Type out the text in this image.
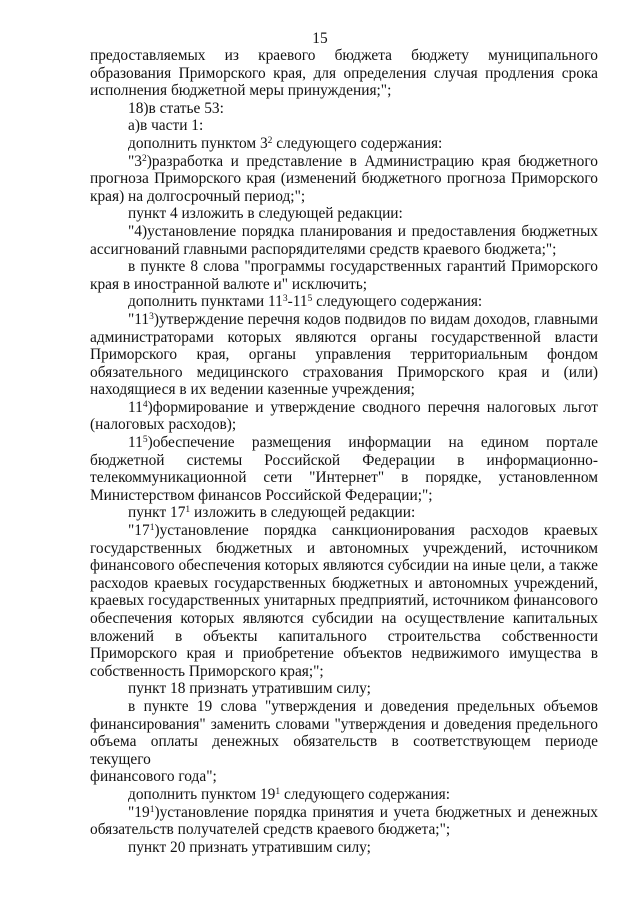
15

предоставляемых из краевого бюджета бюджету муниципального

образования Приморского края, для определения случая продления срока

исполнения бюджетной меры принуждения;";

18)в статье 53:

а)в части 1:

дополнить пунктом $3^2$ следующего содержания:

"$3^2)разработка$ и представление в Администрацию края бюджетного

прогноза Приморского края (изменений бюджетного прогноза Приморского

края) на долгосрочный период;";

пункт 4 изложить в следующей редакции:

"4)установление порядка планирования и предоставления бюджетных

ассигнований главными распорядителями средств краевого бюджета;";

в пункте 8 слова "программы государственных гарантий Приморского

края в иностранной валюте и" исключить;

дополнить пунктами $11^3-11^5$ следующего содержания:

"$11^3)утверждение$ перечня кодов подвидов по видам доходов, главными

администраторами которых являются органы государственной власти

Приморского края, органы управления территориальным фондом

обязательного медицинского страхования Приморского края и (или)

находящиеся в их ведении казенные учреждения;

$11^4)формирование$ и утверждение сводного перечня налоговых льгот

(налоговых расходов);

$11^5)обеспечение$ размещения информации на едином портале

бюджетной системы Российской Федерации в информационно-

телекоммуникационной сети "Интернет" в порядке, установленном

Министерством финансов Российской Федерации;";

пункт $17^1$ изложить в следующей редакции:

"$17^1)установление$ порядка санкционирования расходов краевых

государственных бюджетных и автономных учреждений, источником

финансового обеспечения которых являются субсидии на иные цели, а также

расходов краевых государственных бюджетных и автономных учреждений,

краевых государственных унитарных предприятий, источником финансового

обеспечения которых являются субсидии на осуществление капитальных

вложений в объекты капитального строительства собственности

Приморского края и приобретение объектов недвижимого имущества в

собственность Приморского края;";

пункт 18 признать утратившим силу;

в пункте 19 слова "утверждения и доведения предельных объемов

финансирования" заменить словами "утверждения и доведения предельного

объема оплаты денежных обязательств в соответствующем периоде текущего

финансового года";

дополнить пунктом $19^1$ следующего содержания:

"$19^1)установление$ порядка принятия и учета бюджетных и денежных

обязательств получателей средств краевого бюджета;";

пункт 20 признать утратившим силу;
